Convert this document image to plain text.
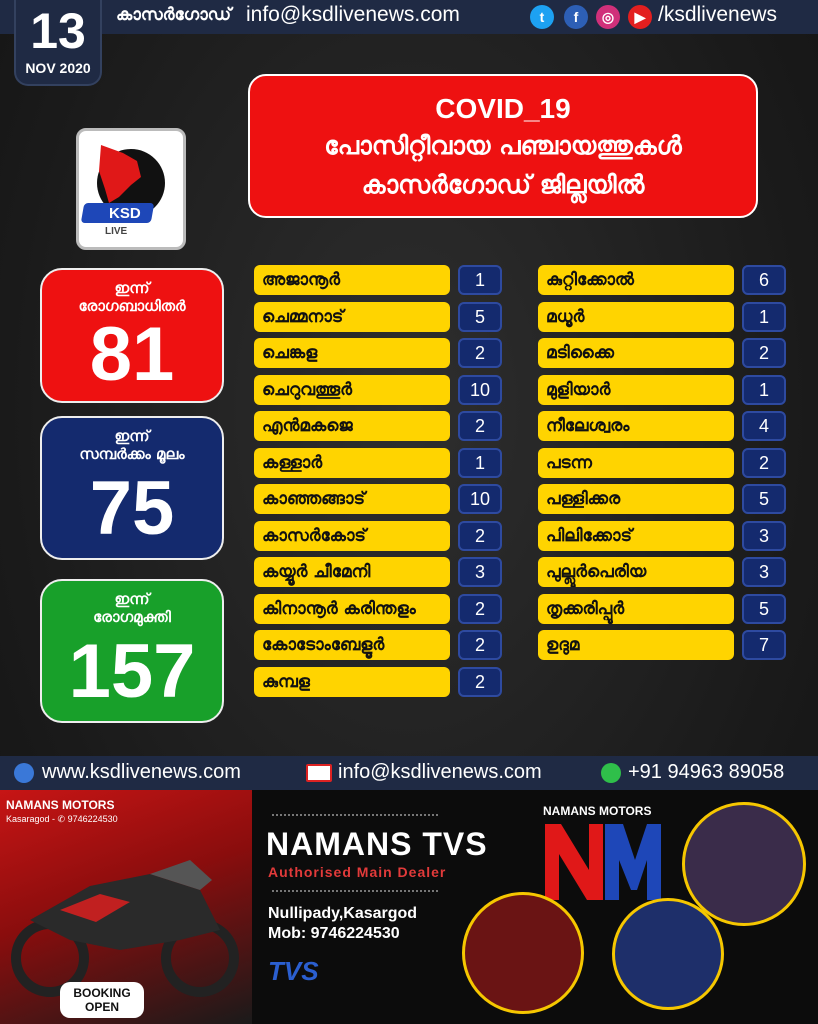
കാസർഗോഡ് info@ksdlivenews.com	t	f	◎	▶ /ksdlivenews
13
NOV 2020
KSD
LIVE
COVID_19
പോസിറ്റീവായ പഞ്ചായത്തുകൾ
കാസർഗോഡ് ജില്ലയിൽ
ഇന്ന്
രോഗബാധിതർ
81
ഇന്ന്
സമ്പർക്കം മൂലം
75
ഇന്ന്
രോഗമുക്തി
157
അജാനൂർ	1
ചെമ്മനാട്	5
ചെങ്കള	2
ചെറുവത്തൂർ	10
എൻമകജെ	2
കള്ളാർ	1
കാഞ്ഞങ്ങാട്	10
കാസർകോട്	2
കയ്യൂർ ചീമേനി	3
കിനാനൂർ കരിന്തളം	2
കോടോംബേളൂർ	2
കുമ്പള	2
കുറ്റിക്കോൽ	6
മധൂർ	1
മടിക്കൈ	2
മുളിയാർ	1
നീലേശ്വരം	4
പടന്ന	2
പള്ളിക്കര	5
പിലിക്കോട്	3
പുല്ലൂർപെരിയ	3
തൃക്കരിപ്പൂർ	5
ഉദുമ	7
www.ksdlivenews.com	info@ksdlivenews.com	+91 94963 89058
NAMANS MOTORS
Kasaragod - ✆ 9746224530
BOOKING OPEN
NAMANS TVS
Authorised Main Dealer
Nullipady,Kasargod
Mob: 9746224530
TVS
NAMANS MOTORS
